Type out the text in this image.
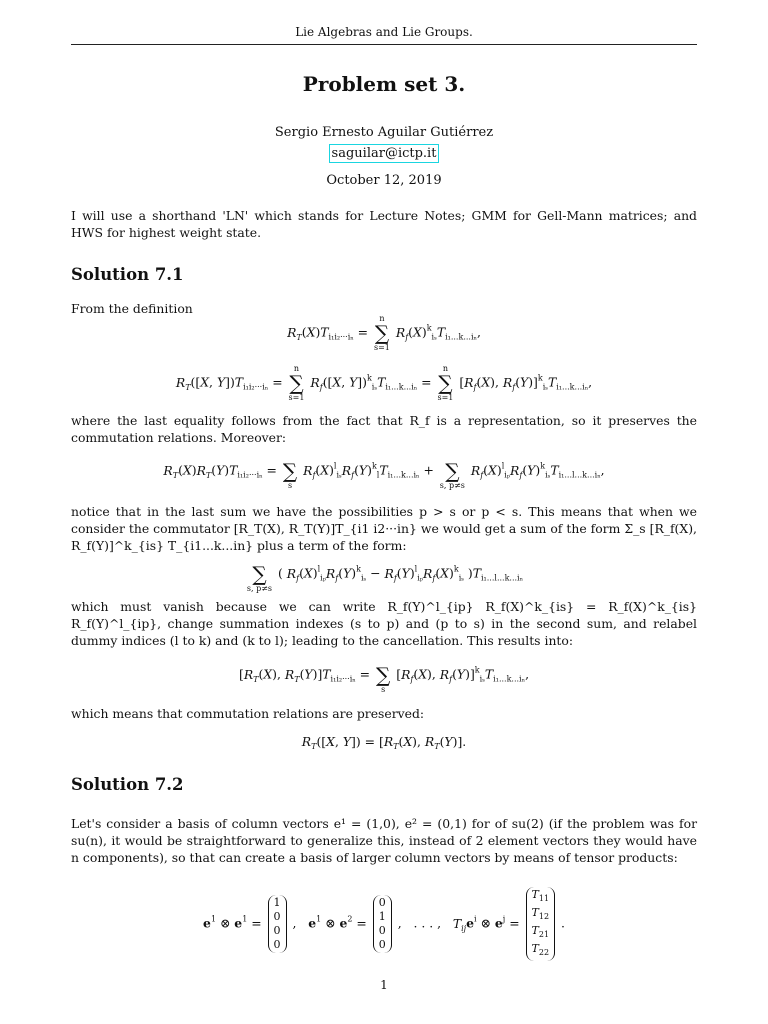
Lie Algebras and Lie Groups.
Problem set 3.
Sergio Ernesto Aguilar Gutiérrez
saguilar@ictp.it
October 12, 2019
I will use a shorthand 'LN' which stands for Lecture Notes; GMM for Gell-Mann matrices; and HWS for highest weight state.
Solution 7.1
From the definition
$R_T(X)T_{i_1i_2\cdot\cdot\cdot i_n}$ =
n
∑
s=1
$R_f(X)^k_{i_s}T_{i_1...k...i_n}$,
$R_T([X$, $Y])T_{i_1i_2\cdot\cdot\cdot i_n}$ =
n
∑
s=1
$R_f([X$, $Y])^k_{i_s}T_{i_1...k...i_n}$ =
n
∑
s=1
[$R_f(X)$, $R_f(Y)]^k_{i_s}T_{i_1...k...i_n}$,
where the last equality follows from the fact that R_f is a representation, so it preserves the commutation relations. Moreover:
$R_T(X)R_T(Y)T_{i_1i_2\cdot\cdot\cdot i_n}$ =
∑
s
$R_f(X)^l_{i_s}R_f(Y)^k_lT_{i_1...k...i_n}$ +
∑
s, p≠s
$R_f(X)^l_{i_p}R_f(Y)^k_{i_s}T_{i_1...l...k...i_n}$,
notice that in the last sum we have the possibilities p > s or p < s. This means that when we consider the commutator [R_T(X), R_T(Y)]T_{i1 i2···in} we would get a sum of the form Σ_s [R_f(X), R_f(Y)]^k_{is} T_{i1...k...in} plus a term of the form:

∑
s, p≠s
( $R_f(X)^l_{i_p}R_f(Y)^k_{i_s} - R_f(Y)^l_{i_p}R_f(X)^k_{i_s}$ )$T_{i_1...l...k...i_n}$
which must vanish because we can write R_f(Y)^l_{ip} R_f(X)^k_{is} = R_f(X)^k_{is} R_f(Y)^l_{ip}, change summation indexes (s to p) and (p to s) in the second sum, and relabel dummy indices (l to k) and (k to l); leading to the cancellation. This results into:
[$R_T(X)$, $R_T(Y)]T_{i_1i_2\cdot\cdot\cdot i_n}$ =
∑
s
[$R_f(X)$, $R_f(Y)]^k_{i_s}T_{i_1...k...i_n}$,
which means that commutation relations are preserved:
$R_T([X$, $Y]) = [R_T(X)$, $R_T(Y)$].
Solution 7.2
Let's consider a basis of column vectors e¹ = (1,0), e² = (0,1) for of su(2) (if the problem was for su(n), it would be straightforward to generalize this, instead of 2 element vectors they would have n components), so that can create a basis of larger column vectors by means of tensor products:
$e^1$ ⊗ $e^1 = 1$
0
0
0 ,   $e^1$ ⊗ $e^2 = 0$
1
0
0 ,   . . . ,   $T_{ij}e^i$ ⊗ $e^j = T_{11}$
$T_{12}$
$T_{21}$
$T_{22}$ .
1
